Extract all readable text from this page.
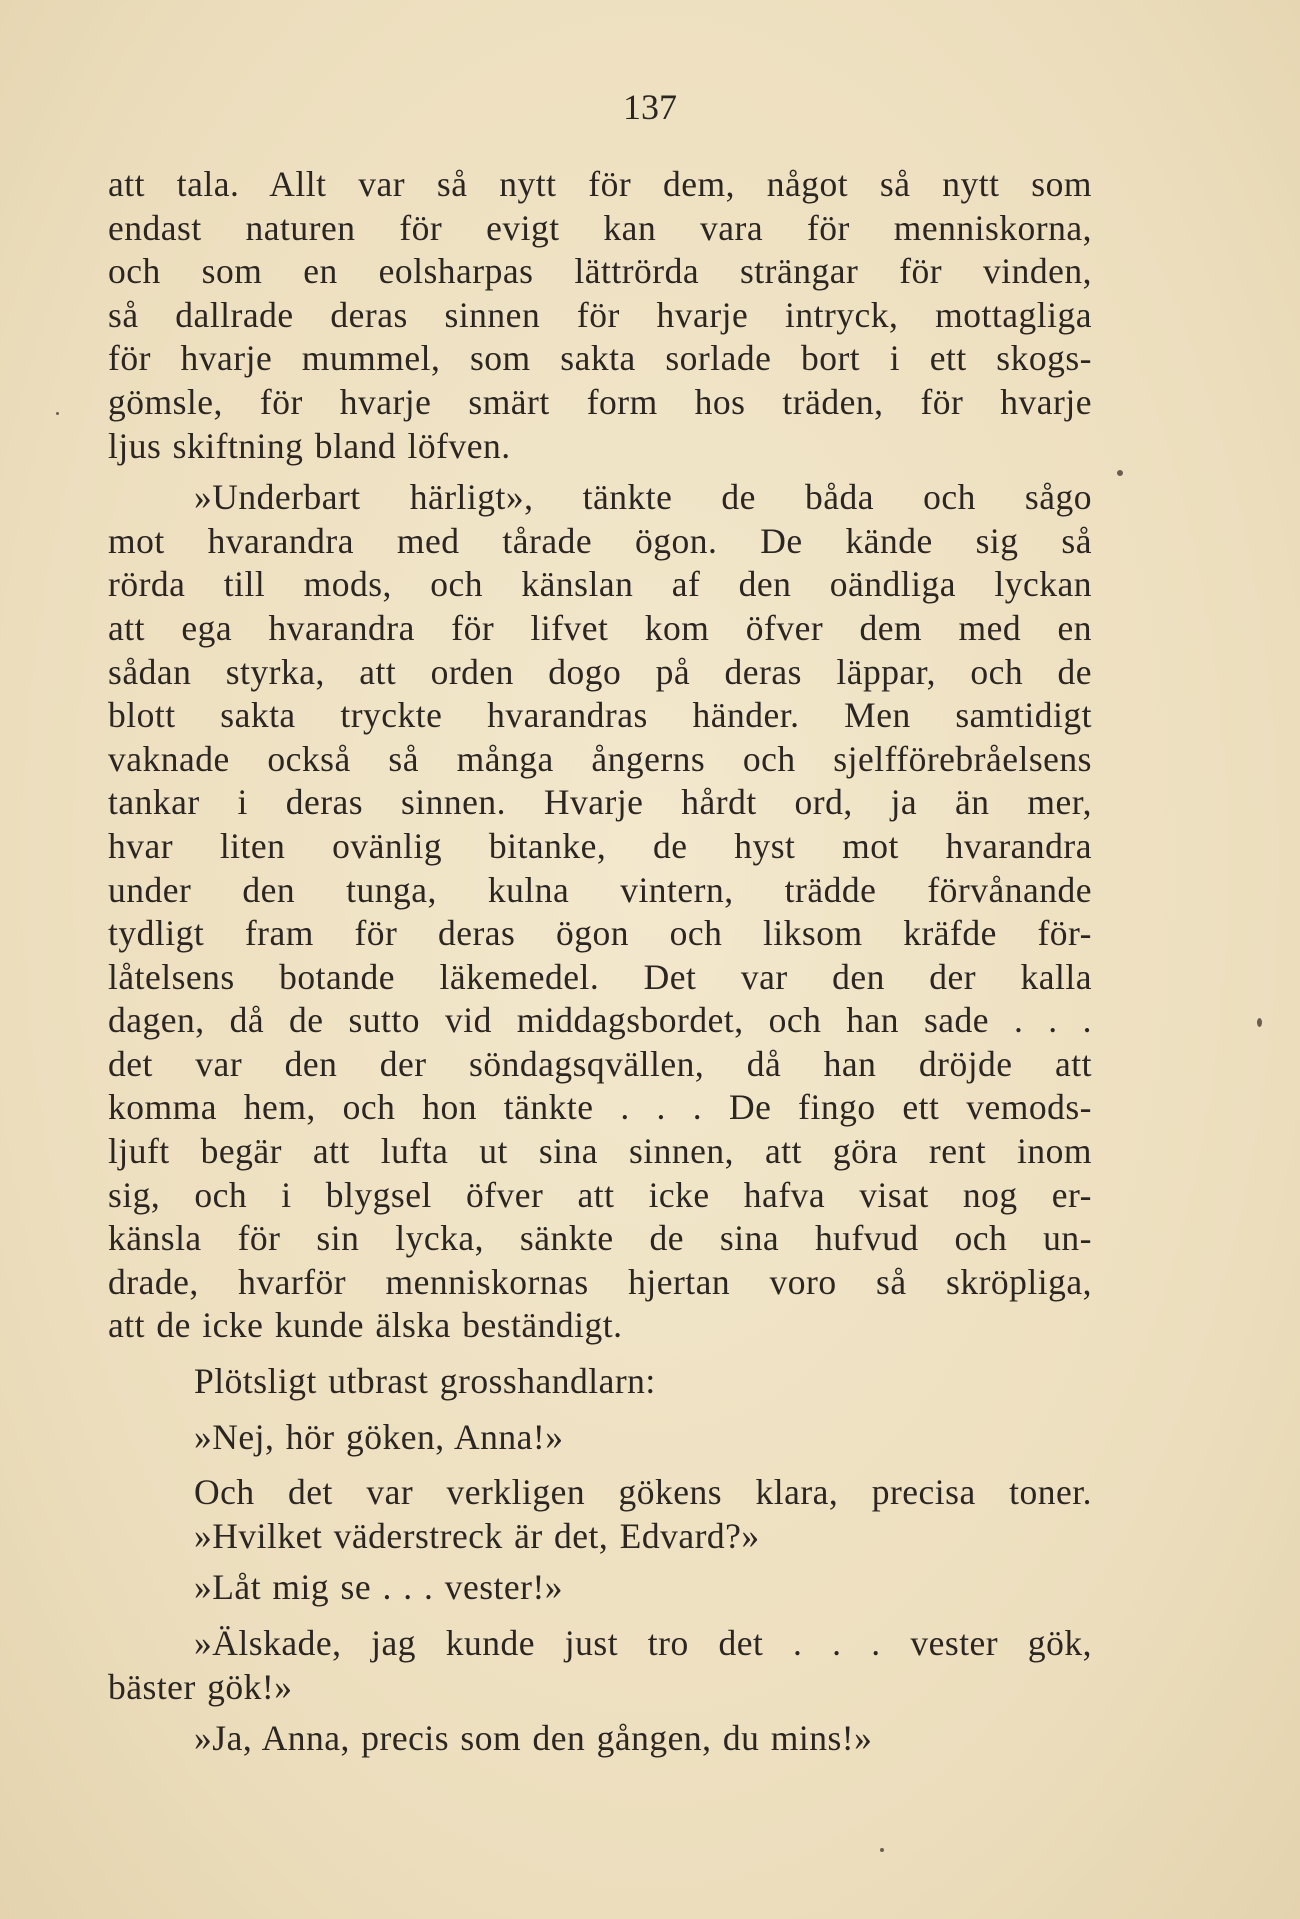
137
att tala. Allt var så nytt för dem, något så nytt som
endast naturen för evigt kan vara för menniskorna,
och som en eolsharpas lättrörda strängar för vinden,
så dallrade deras sinnen för hvarje intryck, mottagliga
för hvarje mummel, som sakta sorlade bort i ett skogs-
gömsle, för hvarje smärt form hos träden, för hvarje
ljus skiftning bland löfven.
»Underbart härligt», tänkte de båda och sågo
mot hvarandra med tårade ögon. De kände sig så
rörda till mods, och känslan af den oändliga lyckan
att ega hvarandra för lifvet kom öfver dem med en
sådan styrka, att orden dogo på deras läppar, och de
blott sakta tryckte hvarandras händer. Men samtidigt
vaknade också så många ångerns och sjelfförebråelsens
tankar i deras sinnen. Hvarje hårdt ord, ja än mer,
hvar liten ovänlig bitanke, de hyst mot hvarandra
under den tunga, kulna vintern, trädde förvånande
tydligt fram för deras ögon och liksom kräfde för-
låtelsens botande läkemedel. Det var den der kalla
dagen, då de sutto vid middagsbordet, och han sade . . .
det var den der söndagsqvällen, då han dröjde att
komma hem, och hon tänkte . . . De fingo ett vemods-
ljuft begär att lufta ut sina sinnen, att göra rent inom
sig, och i blygsel öfver att icke hafva visat nog er-
känsla för sin lycka, sänkte de sina hufvud och un-
drade, hvarför menniskornas hjertan voro så skröpliga,
att de icke kunde älska beständigt.
Plötsligt utbrast grosshandlarn:
»Nej, hör göken, Anna!»
Och det var verkligen gökens klara, precisa toner.
»Hvilket väderstreck är det, Edvard?»
»Låt mig se . . . vester!»
»Älskade, jag kunde just tro det . . . vester gök,
bäster gök!»
»Ja, Anna, precis som den gången, du mins!»
